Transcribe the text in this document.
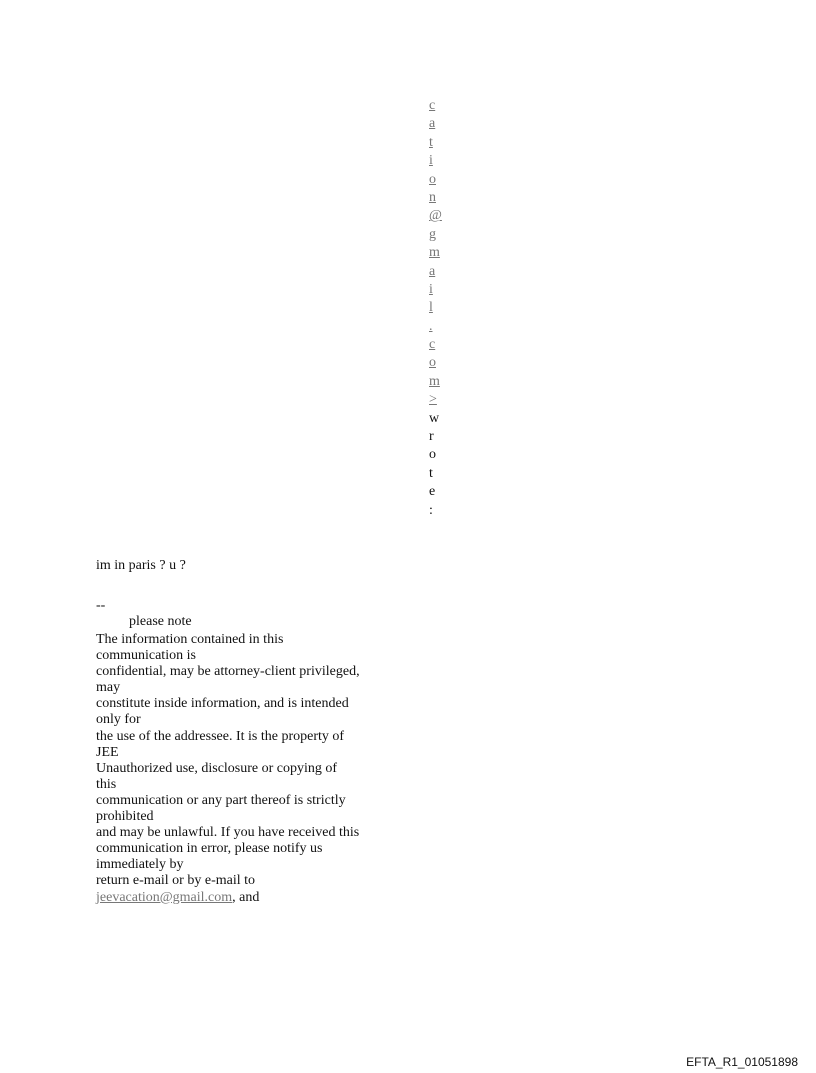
c
a
t
i
o
n
@
g
m
a
i
l
.
c
o
m
>
w
r
o
t
e
:
im in paris ? u ?
--
please note
The information contained in this
communication is
confidential, may be attorney-client privileged,
may
constitute inside information, and is intended
only for
the use of the addressee. It is the property of
JEE
Unauthorized use, disclosure or copying of
this
communication or any part thereof is strictly
prohibited
and may be unlawful. If you have received this
communication in error, please notify us
immediately by
return e-mail or by e-mail to
jeevacation@gmail.com, and
EFTA_R1_01051898
